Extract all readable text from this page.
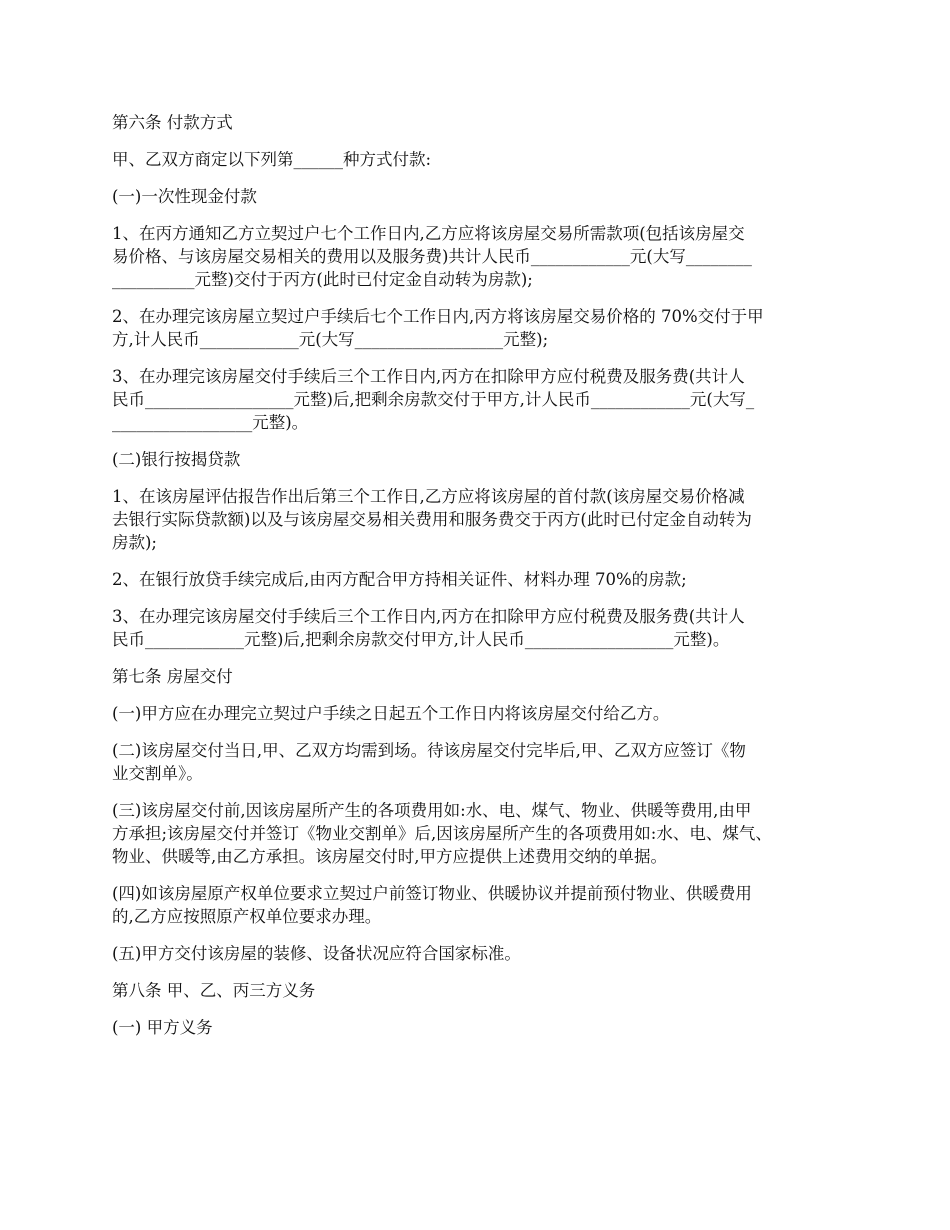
第六条 付款方式
甲、乙双方商定以下列第______种方式付款:
(一)一次性现金付款
1、在丙方通知乙方立契过户七个工作日内,乙方应将该房屋交易所需款项(包括该房屋交
易价格、与该房屋交易相关的费用以及服务费)共计人民币____________元(大写________
__________元整)交付于丙方(此时已付定金自动转为房款);
2、在办理完该房屋立契过户手续后七个工作日内,丙方将该房屋交易价格的 70%交付于甲
方,计人民币____________元(大写__________________元整);
3、在办理完该房屋交付手续后三个工作日内,丙方在扣除甲方应付税费及服务费(共计人
民币__________________元整)后,把剩余房款交付于甲方,计人民币____________元(大写_
_________________元整)。
(二)银行按揭贷款
1、在该房屋评估报告作出后第三个工作日,乙方应将该房屋的首付款(该房屋交易价格减
去银行实际贷款额)以及与该房屋交易相关费用和服务费交于丙方(此时已付定金自动转为
房款);
2、在银行放贷手续完成后,由丙方配合甲方持相关证件、材料办理 70%的房款;
3、在办理完该房屋交付手续后三个工作日内,丙方在扣除甲方应付税费及服务费(共计人
民币____________元整)后,把剩余房款交付甲方,计人民币__________________元整)。
第七条 房屋交付
(一)甲方应在办理完立契过户手续之日起五个工作日内将该房屋交付给乙方。
(二)该房屋交付当日,甲、乙双方均需到场。待该房屋交付完毕后,甲、乙双方应签订《物
业交割单》。
(三)该房屋交付前,因该房屋所产生的各项费用如:水、电、煤气、物业、供暖等费用,由甲
方承担;该房屋交付并签订《物业交割单》后,因该房屋所产生的各项费用如:水、电、煤气、
物业、供暖等,由乙方承担。该房屋交付时,甲方应提供上述费用交纳的单据。
(四)如该房屋原产权单位要求立契过户前签订物业、供暖协议并提前预付物业、供暖费用
的,乙方应按照原产权单位要求办理。
(五)甲方交付该房屋的装修、设备状况应符合国家标准。
第八条 甲、乙、丙三方义务
(一) 甲方义务
